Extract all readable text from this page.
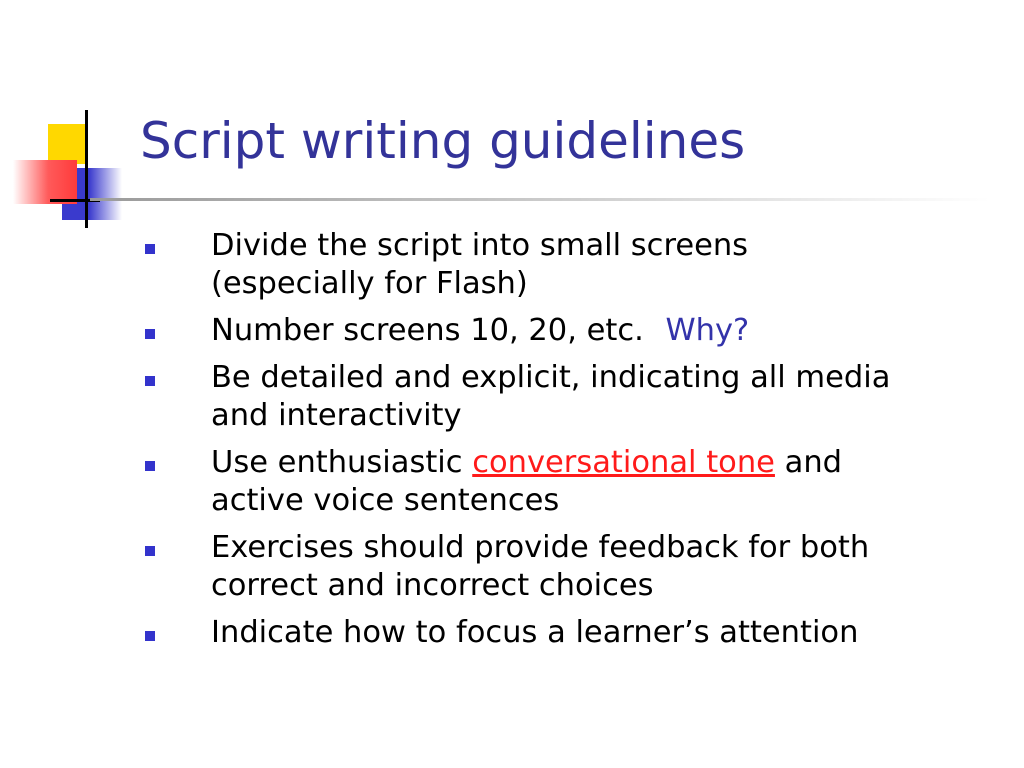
Script writing guidelines
Divide the script into small screens
(especially for Flash)
Number screens 10, 20, etc. Why?
Be detailed and explicit, indicating all media
and interactivity
Use enthusiastic conversational tone and
active voice sentences
Exercises should provide feedback for both
correct and incorrect choices
Indicate how to focus a learner’s attention
